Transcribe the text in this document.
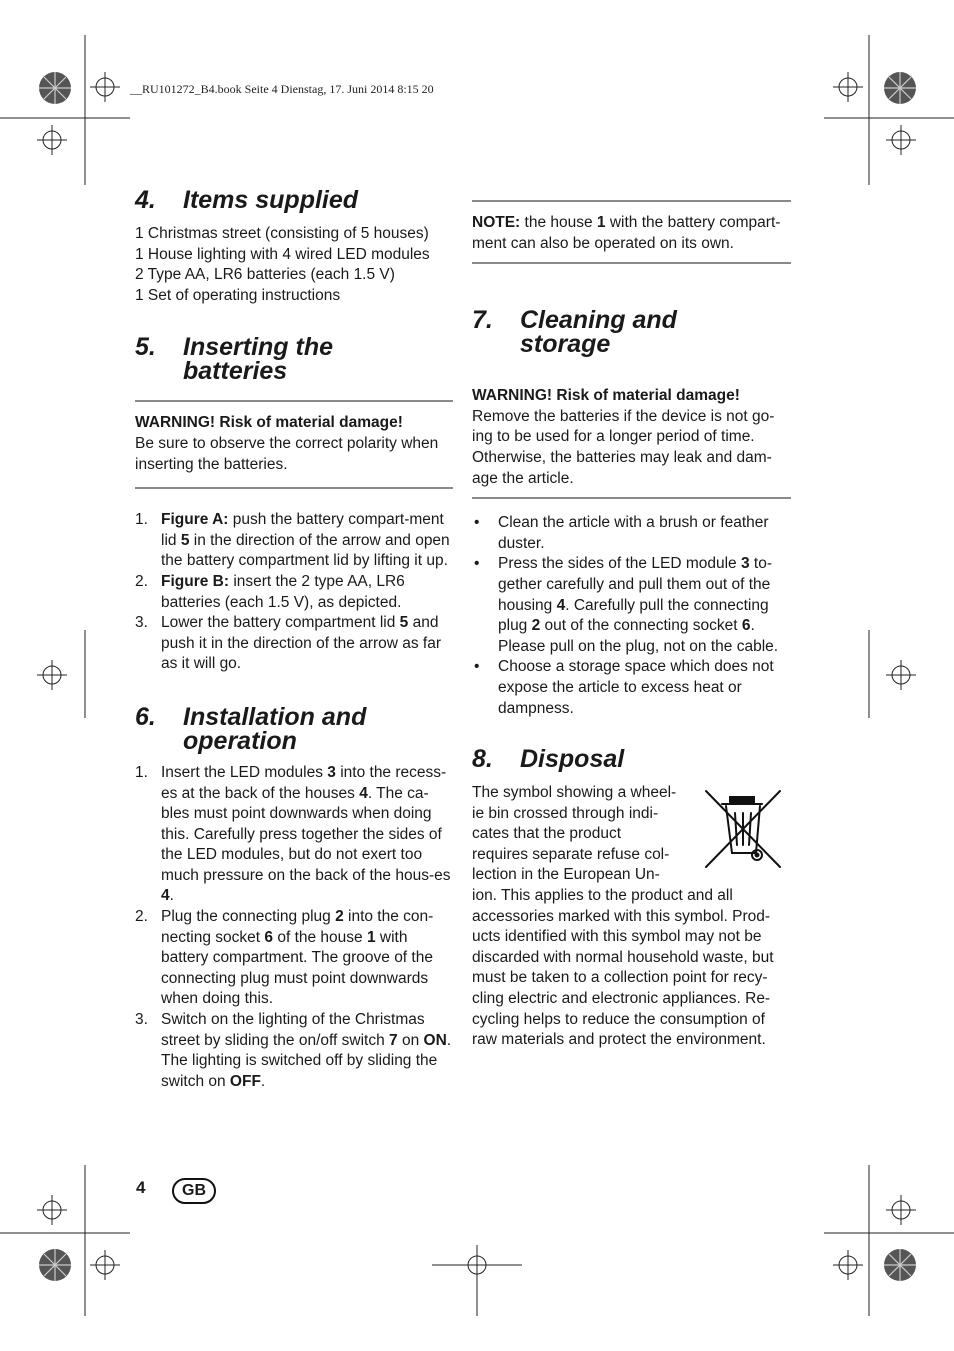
__RU101272_B4.book Seite 4 Dienstag, 17. Juni 2014 8:15 20
4.	Items supplied

1 Christmas street (consisting of 5 houses)

1 House lighting with 4 wired LED modules

2 Type AA, LR6 batteries (each 1.5 V)

1 Set of operating instructions

5.	Inserting the
batteries

WARNING! Risk of material damage!

Be sure to observe the correct polarity when inserting the batteries.

1. Figure A: push the battery compart-ment lid 5 in the direction of the arrow and open the battery compartment lid by lifting it up.
2. Figure B: insert the 2 type AA, LR6 batteries (each 1.5 V), as depicted.
3. Lower the battery compartment lid 5 and push it in the direction of the arrow as far as it will go.
6.	Installation and
operation
1. Insert the LED modules 3 into the recess-es at the back of the houses 4. The ca-bles must point downwards when doing this. Carefully press together the sides of the LED modules, but do not exert too much pressure on the back of the hous-es 4.
2. Plug the connecting plug 2 into the con-necting socket 6 of the house 1 with battery compartment. The groove of the connecting plug must point downwards when doing this.
3. Switch on the lighting of the Christmas street by sliding the on/off switch 7 on ON.
The lighting is switched off by sliding the switch on OFF.

NOTE: the house 1 with the battery compart-ment can also be operated on its own.

7.	Cleaning and
storage

WARNING! Risk of material damage!

Remove the batteries if the device is not go-ing to be used for a longer period of time. Otherwise, the batteries may leak and dam-age the article.

•	Clean the article with a brush or feather duster.
•	Press the sides of the LED module 3 to-gether carefully and pull them out of the housing 4. Carefully pull the connecting plug 2 out of the connecting socket 6. Please pull on the plug, not on the cable.
•	Choose a storage space which does not expose the article to excess heat or dampness.
8.	Disposal

The symbol showing a wheel-

ie bin crossed through indi-

cates that the product

requires separate refuse col-

lection in the European Un-

ion. This applies to the product and all accessories marked with this symbol. Prod-ucts identified with this symbol may not be discarded with normal household waste, but must be taken to a collection point for recy-cling electric and electronic appliances. Re-cycling helps to reduce the consumption of raw materials and protect the environment.

4	GB
